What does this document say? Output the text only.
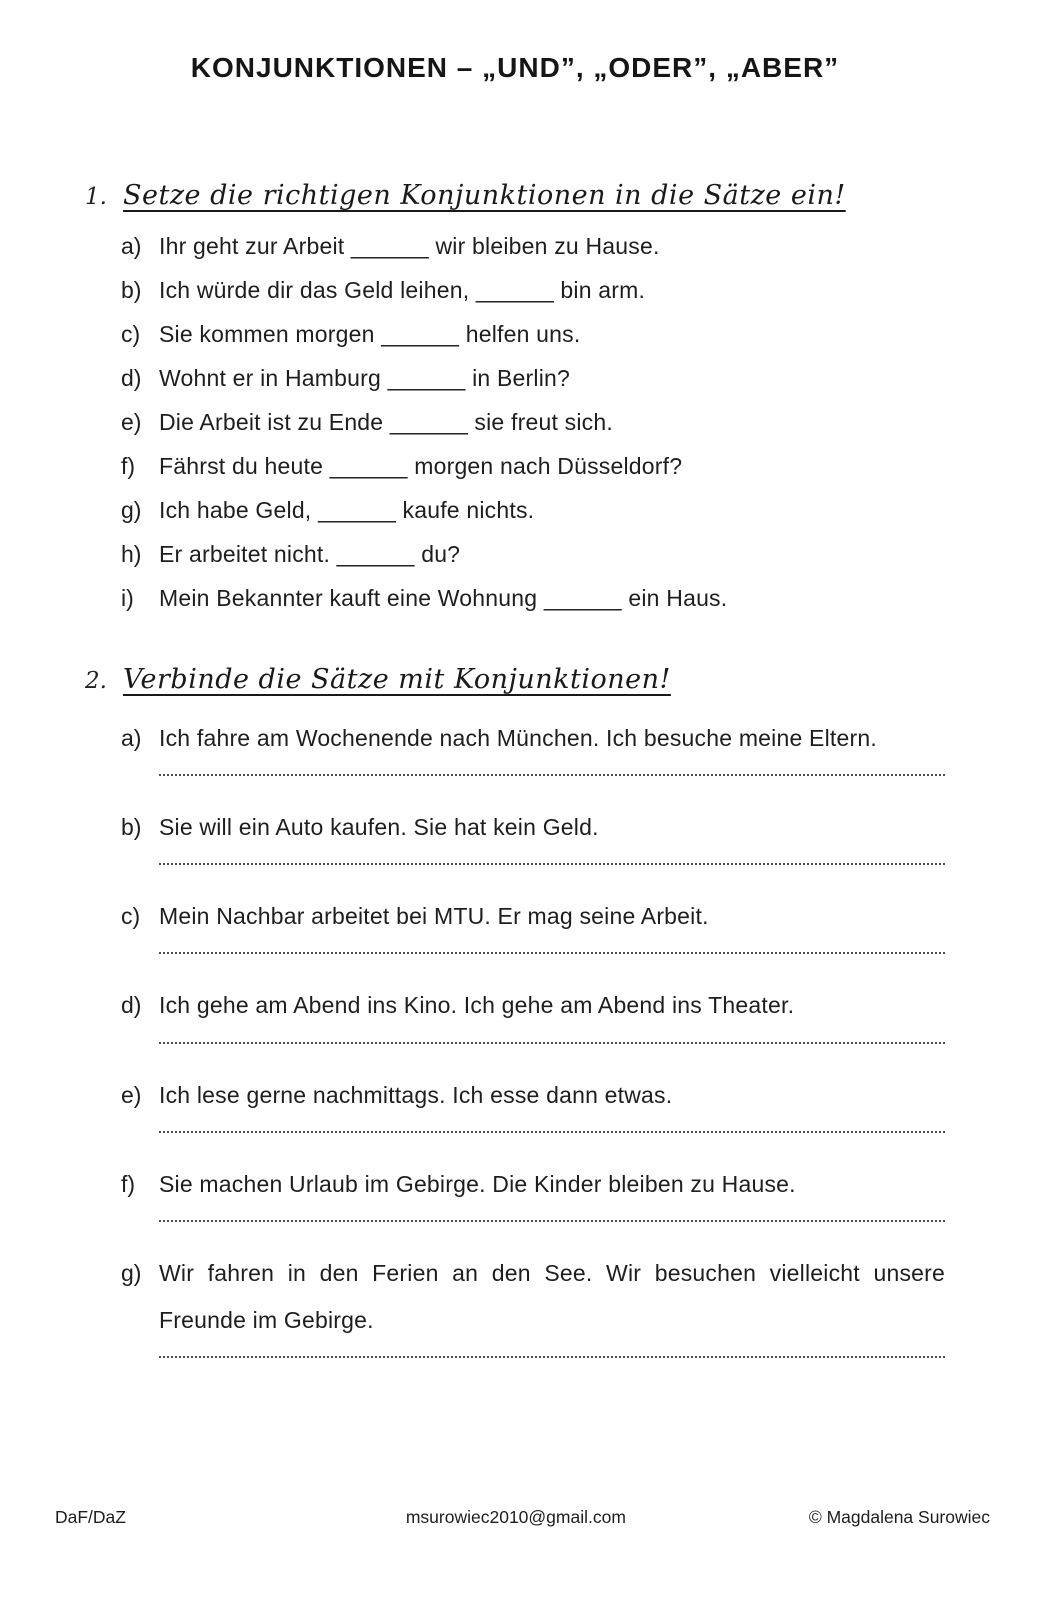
KONJUNKTIONEN – „UND”, „ODER”, „ABER”
1. Setze die richtigen Konjunktionen in die Sätze ein!
a) Ihr geht zur Arbeit ______ wir bleiben zu Hause.
b) Ich würde dir das Geld leihen, ______ bin arm.
c) Sie kommen morgen ______ helfen uns.
d) Wohnt er in Hamburg ______ in Berlin?
e) Die Arbeit ist zu Ende ______ sie freut sich.
f)	Fährst du heute ______ morgen nach Düsseldorf?
g) Ich habe Geld, ______ kaufe nichts.
h) Er arbeitet nicht. ______ du?
i)	Mein Bekannter kauft eine Wohnung ______ ein Haus.
2. Verbinde die Sätze mit Konjunktionen!
a) Ich fahre am Wochenende nach München. Ich besuche meine Eltern.
b) Sie will ein Auto kaufen. Sie hat kein Geld.
c) Mein Nachbar arbeitet bei MTU. Er mag seine Arbeit.
d) Ich gehe am Abend ins Kino. Ich gehe am Abend ins Theater.
e) Ich lese gerne nachmittags. Ich esse dann etwas.
f)	Sie machen Urlaub im Gebirge. Die Kinder bleiben zu Hause.
g) Wir fahren in den Ferien an den See. Wir besuchen vielleicht unsere Freunde im Gebirge.
DaF/DaZ	msurowiec2010@gmail.com	© Magdalena Surowiec
